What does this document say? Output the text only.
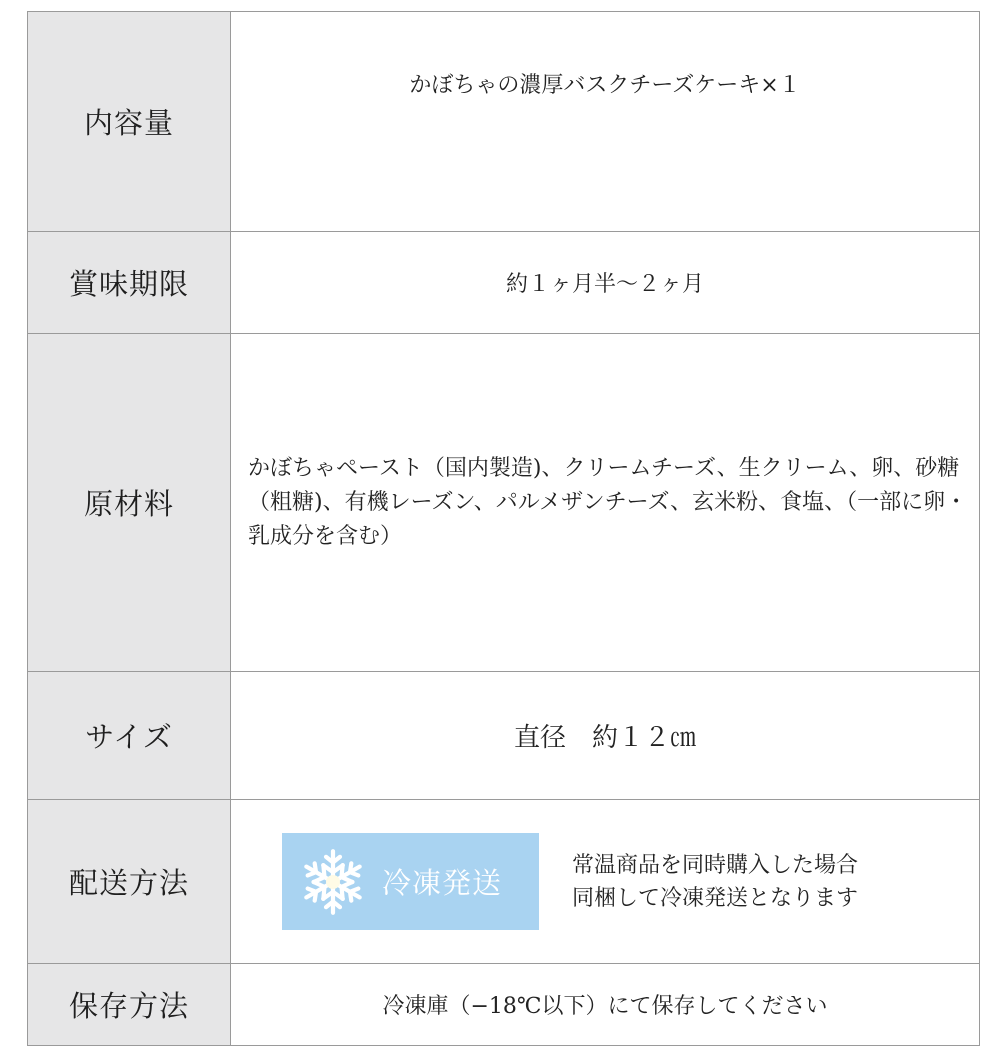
内容量	かぼちゃの濃厚バスクチーズケーキ×１
賞味期限	約１ヶ月半～２ヶ月
原材料	かぼちゃペースト（国内製造)、クリームチーズ、生クリーム、卵、砂糖（粗糖)、有機レーズン、パルメザンチーズ、玄米粉、食塩、（一部に卵・乳成分を含む）
サイズ	直径　約１２㎝
配送方法	冷凍発送
常温商品を同時購入した場合
同梱して冷凍発送となります

保存方法	冷凍庫（−18℃以下）にて保存してください
